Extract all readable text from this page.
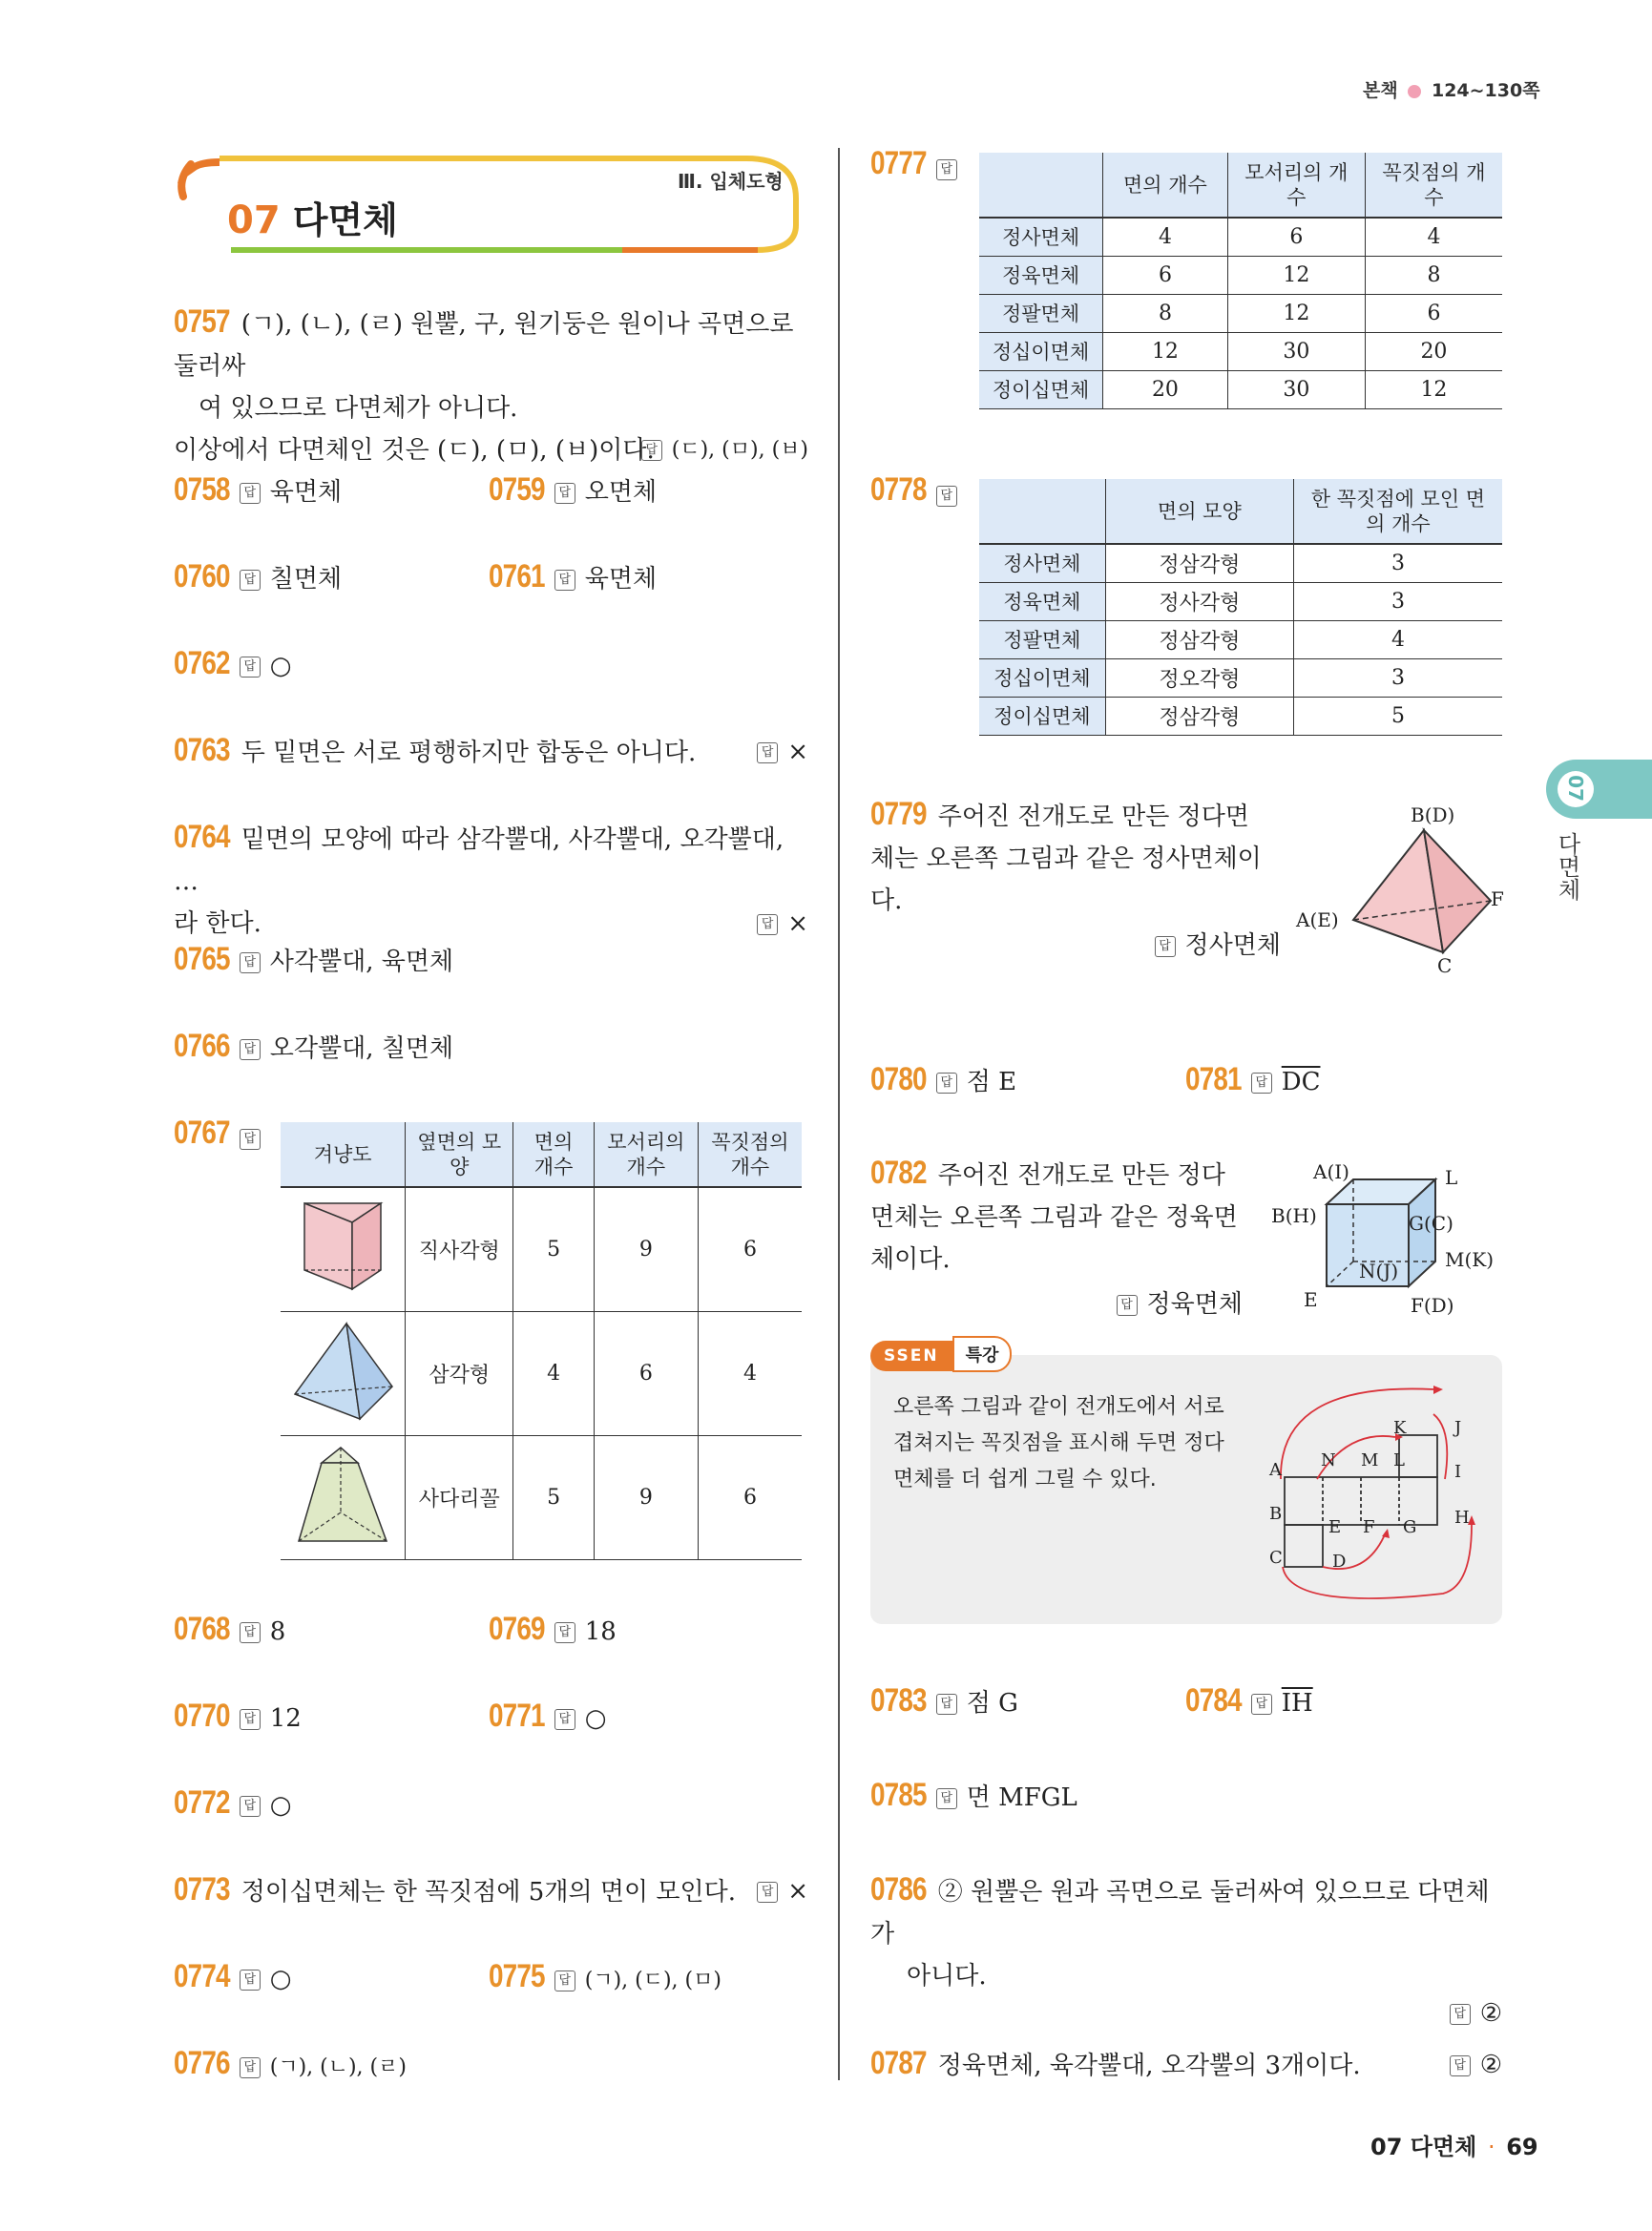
본책 124~130쪽
07 다면체
Ⅲ. 입체도형
0757 (ㄱ), (ㄴ), (ㄹ) 원뿔, 구, 원기둥은 원이나 곡면으로 둘러싸
여 있으므로 다면체가 아니다.
이상에서 다면체인 것은 (ㄷ), (ㅁ), (ㅂ)이다. 답 (ㄷ), (ㅁ), (ㅂ)
0758 답 육면체	0759 답 오면체
0760 답 칠면체	0761 답 육면체
0762 답 ○
0763 두 밑면은 서로 평행하지만 합동은 아니다. 답	×
0764 밑면의 모양에 따라 삼각뿔대, 사각뿔대, 오각뿔대, …
라 한다. 답	×
0765 답 사각뿔대, 육면체
0766 답 오각뿔대, 칠면체
0767 답
겨냥도	옆면의 모양	면의 개수	모서리의 개수	꼭짓점의 개수
	직사각형	5	9	6
	삼각형	4	6	4
	사다리꼴	5	9	6
0768 답 8	0769 답 18
0770 답 12	0771 답 ○
0772 답 ○
0773 정이십면체는 한 꼭짓점에 5개의 면이 모인다. 답	×
0774 답 ○	0775 답 (ㄱ), (ㄷ), (ㅁ)
0776 답 (ㄱ), (ㄴ), (ㄹ)
0777 답
	면의 개수	모서리의 개수	꼭짓점의 개수
정사면체	4	6	4
정육면체	6	12	8
정팔면체	8	12	6
정십이면체	12	30	20
정이십면체	20	30	12
0778 답
	면의 모양	한 꼭짓점에 모인 면의 개수
정사면체	정삼각형	3
정육면체	정사각형	3
정팔면체	정삼각형	4
정십이면체	정오각형	3
정이십면체	정삼각형	5
07
다면체
0779 주어진 전개도로 만든 정다면
체는 오른쪽 그림과 같은 정사면체이
다.
답정사면체
B(D)
A(E)
F
C
0780 답 점 E	0781 답 $\overline{DC}$
0782 주어진 전개도로 만든 정다
면체는 오른쪽 그림과 같은 정육면
체이다.
답정육면체
A(I)	L
B(H)	G(C)
N(J) M(K)
E	F(D)
SSEN 특강
오른쪽 그림과 같이 전개도에서 서로
겹쳐지는 꼭짓점을 표시해 두면 정다
면체를 더 쉽게 그릴 수 있다.	A
B
C	D
E F G H
I
J
K
L
M
N
0783 답 점 G	0784 답 $\overline{IH}$
0785 답 면 MFGL
0786 ② 원뿔은 원과 곡면으로 둘러싸여 있으므로 다면체가
아니다.
답②
0787 정육면체, 육각뿔대, 오각뿔의 3개이다. 답	②
07 다면체 · 69
